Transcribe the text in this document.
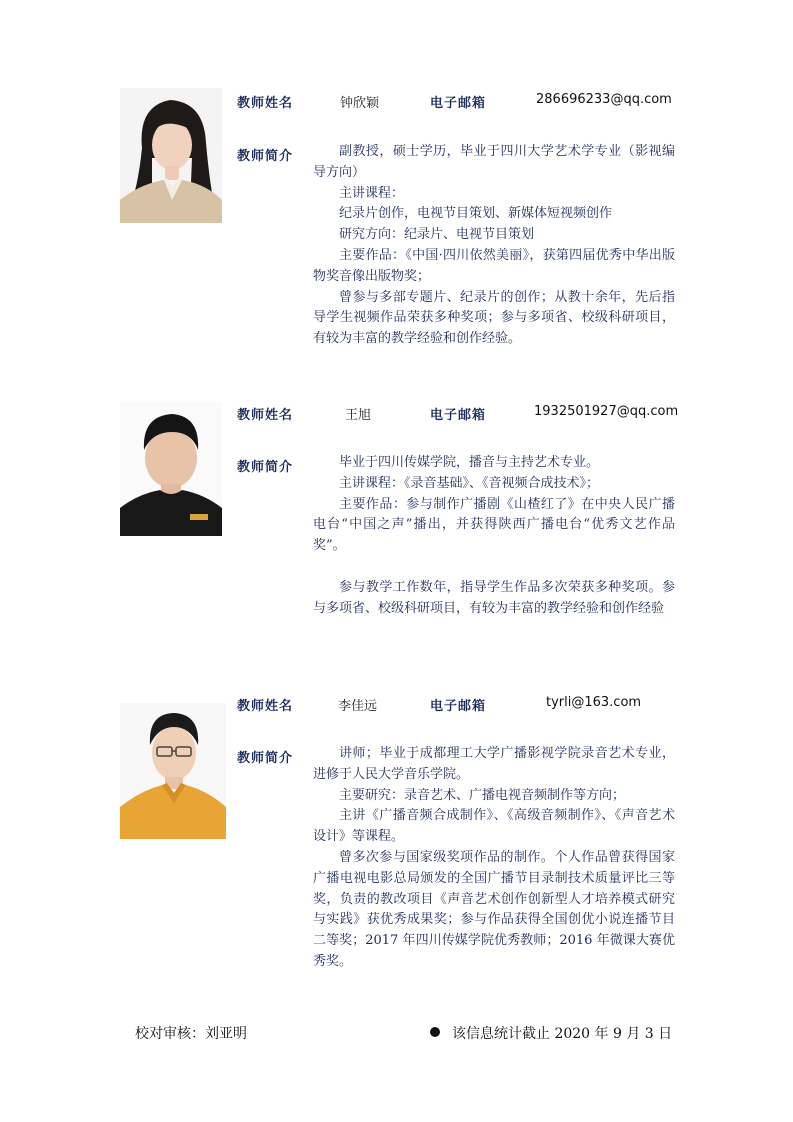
教师姓名	钟欣颖	电子邮箱	286696233@qq.com
教师简介	副教授，硕士学历，毕业于四川大学艺术学专业（影视编导方向）

主讲课程：

纪录片创作，电视节目策划、新媒体短视频创作

研究方向：纪录片、电视节目策划

主要作品：《中国·四川依然美丽》，获第四届优秀中华出版物奖音像出版物奖；

曾参与多部专题片、纪录片的创作；从教十余年，先后指导学生视频作品荣获多种奖项；参与多项省、校级科研项目，有较为丰富的教学经验和创作经验。

教师姓名	王旭	电子邮箱	1932501927@qq.com
教师简介	毕业于四川传媒学院，播音与主持艺术专业。

主讲课程：《录音基础》、《音视频合成技术》；

主要作品：参与制作广播剧《山楂红了》在中央人民广播电台“中国之声”播出，并获得陕西广播电台“优秀文艺作品奖”。

参与教学工作数年，指导学生作品多次荣获多种奖项。参与多项省、校级科研项目，有较为丰富的教学经验和创作经验

教师姓名	李佳远	电子邮箱	tyrli@163.com
教师简介	讲师；毕业于成都理工大学广播影视学院录音艺术专业，进修于人民大学音乐学院。

主要研究：录音艺术、广播电视音频制作等方向；

主讲《广播音频合成制作》、《高级音频制作》、《声音艺术设计》等课程。

曾多次参与国家级奖项作品的制作。个人作品曾获得国家广播电视电影总局颁发的全国广播节目录制技术质量评比三等奖，负责的教改项目《声音艺术创作创新型人才培养模式研究与实践》获优秀成果奖；参与作品获得全国创优小说连播节目二等奖；2017 年四川传媒学院优秀教师；2016 年微课大赛优秀奖。

校对审核：刘亚明	该信息统计截止 2020 年 9 月 3 日
